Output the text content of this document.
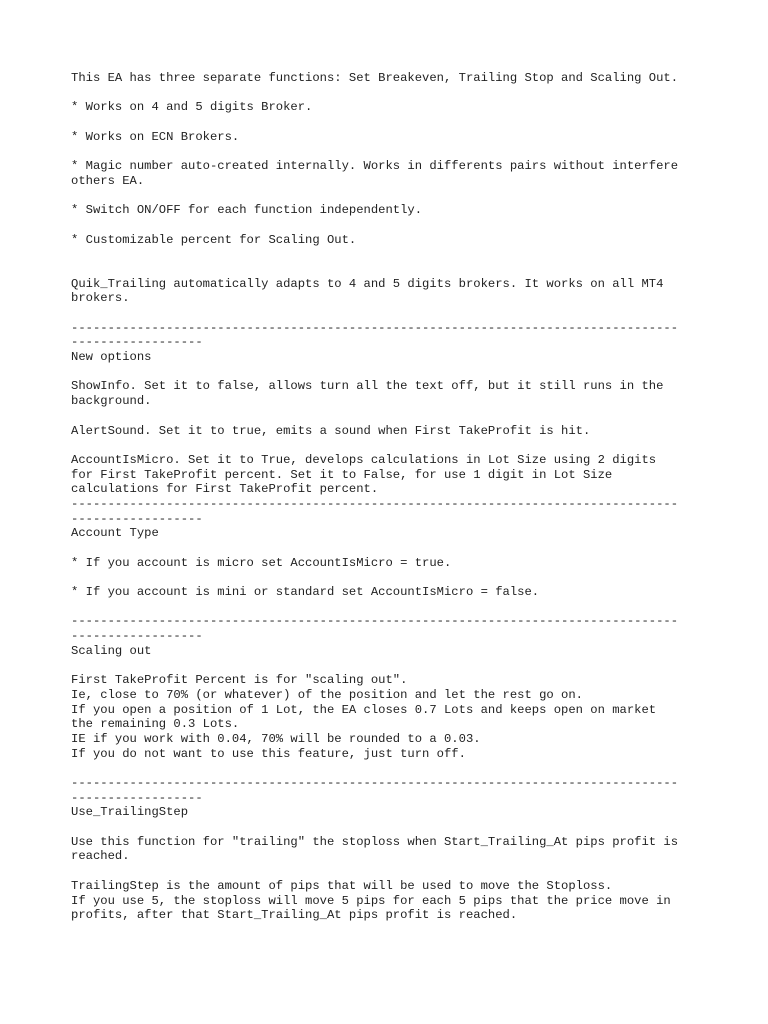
This EA has three separate functions: Set Breakeven, Trailing Stop and Scaling Out.
* Works on 4 and 5 digits Broker.
* Works on ECN Brokers.
* Magic number auto-created internally. Works in differents pairs without interfere
others EA.
* Switch ON/OFF for each function independently.
* Customizable percent for Scaling Out.
Quik_Trailing automatically adapts to 4 and 5 digits brokers. It works on all MT4
brokers.
-----------------------------------------------------------------------------------
------------------
New options
ShowInfo. Set it to false, allows turn all the text off, but it still runs in the
background.
AlertSound. Set it to true, emits a sound when First TakeProfit is hit.
AccountIsMicro. Set it to True, develops calculations in Lot Size using 2 digits
for First TakeProfit percent. Set it to False, for use 1 digit in Lot Size
calculations for First TakeProfit percent.
-----------------------------------------------------------------------------------
------------------
Account Type
* If you account is micro set AccountIsMicro = true.
* If you account is mini or standard set AccountIsMicro = false.
-----------------------------------------------------------------------------------
------------------
Scaling out
First TakeProfit Percent is for "scaling out".
Ie, close to 70% (or whatever) of the position and let the rest go on.
If you open a position of 1 Lot, the EA closes 0.7 Lots and keeps open on market
the remaining 0.3 Lots.
IE if you work with 0.04, 70% will be rounded to a 0.03.
If you do not want to use this feature, just turn off.
-----------------------------------------------------------------------------------
------------------
Use_TrailingStep
Use this function for "trailing" the stoploss when Start_Trailing_At pips profit is
reached.
TrailingStep is the amount of pips that will be used to move the Stoploss.
If you use 5, the stoploss will move 5 pips for each 5 pips that the price move in
profits, after that Start_Trailing_At pips profit is reached.
